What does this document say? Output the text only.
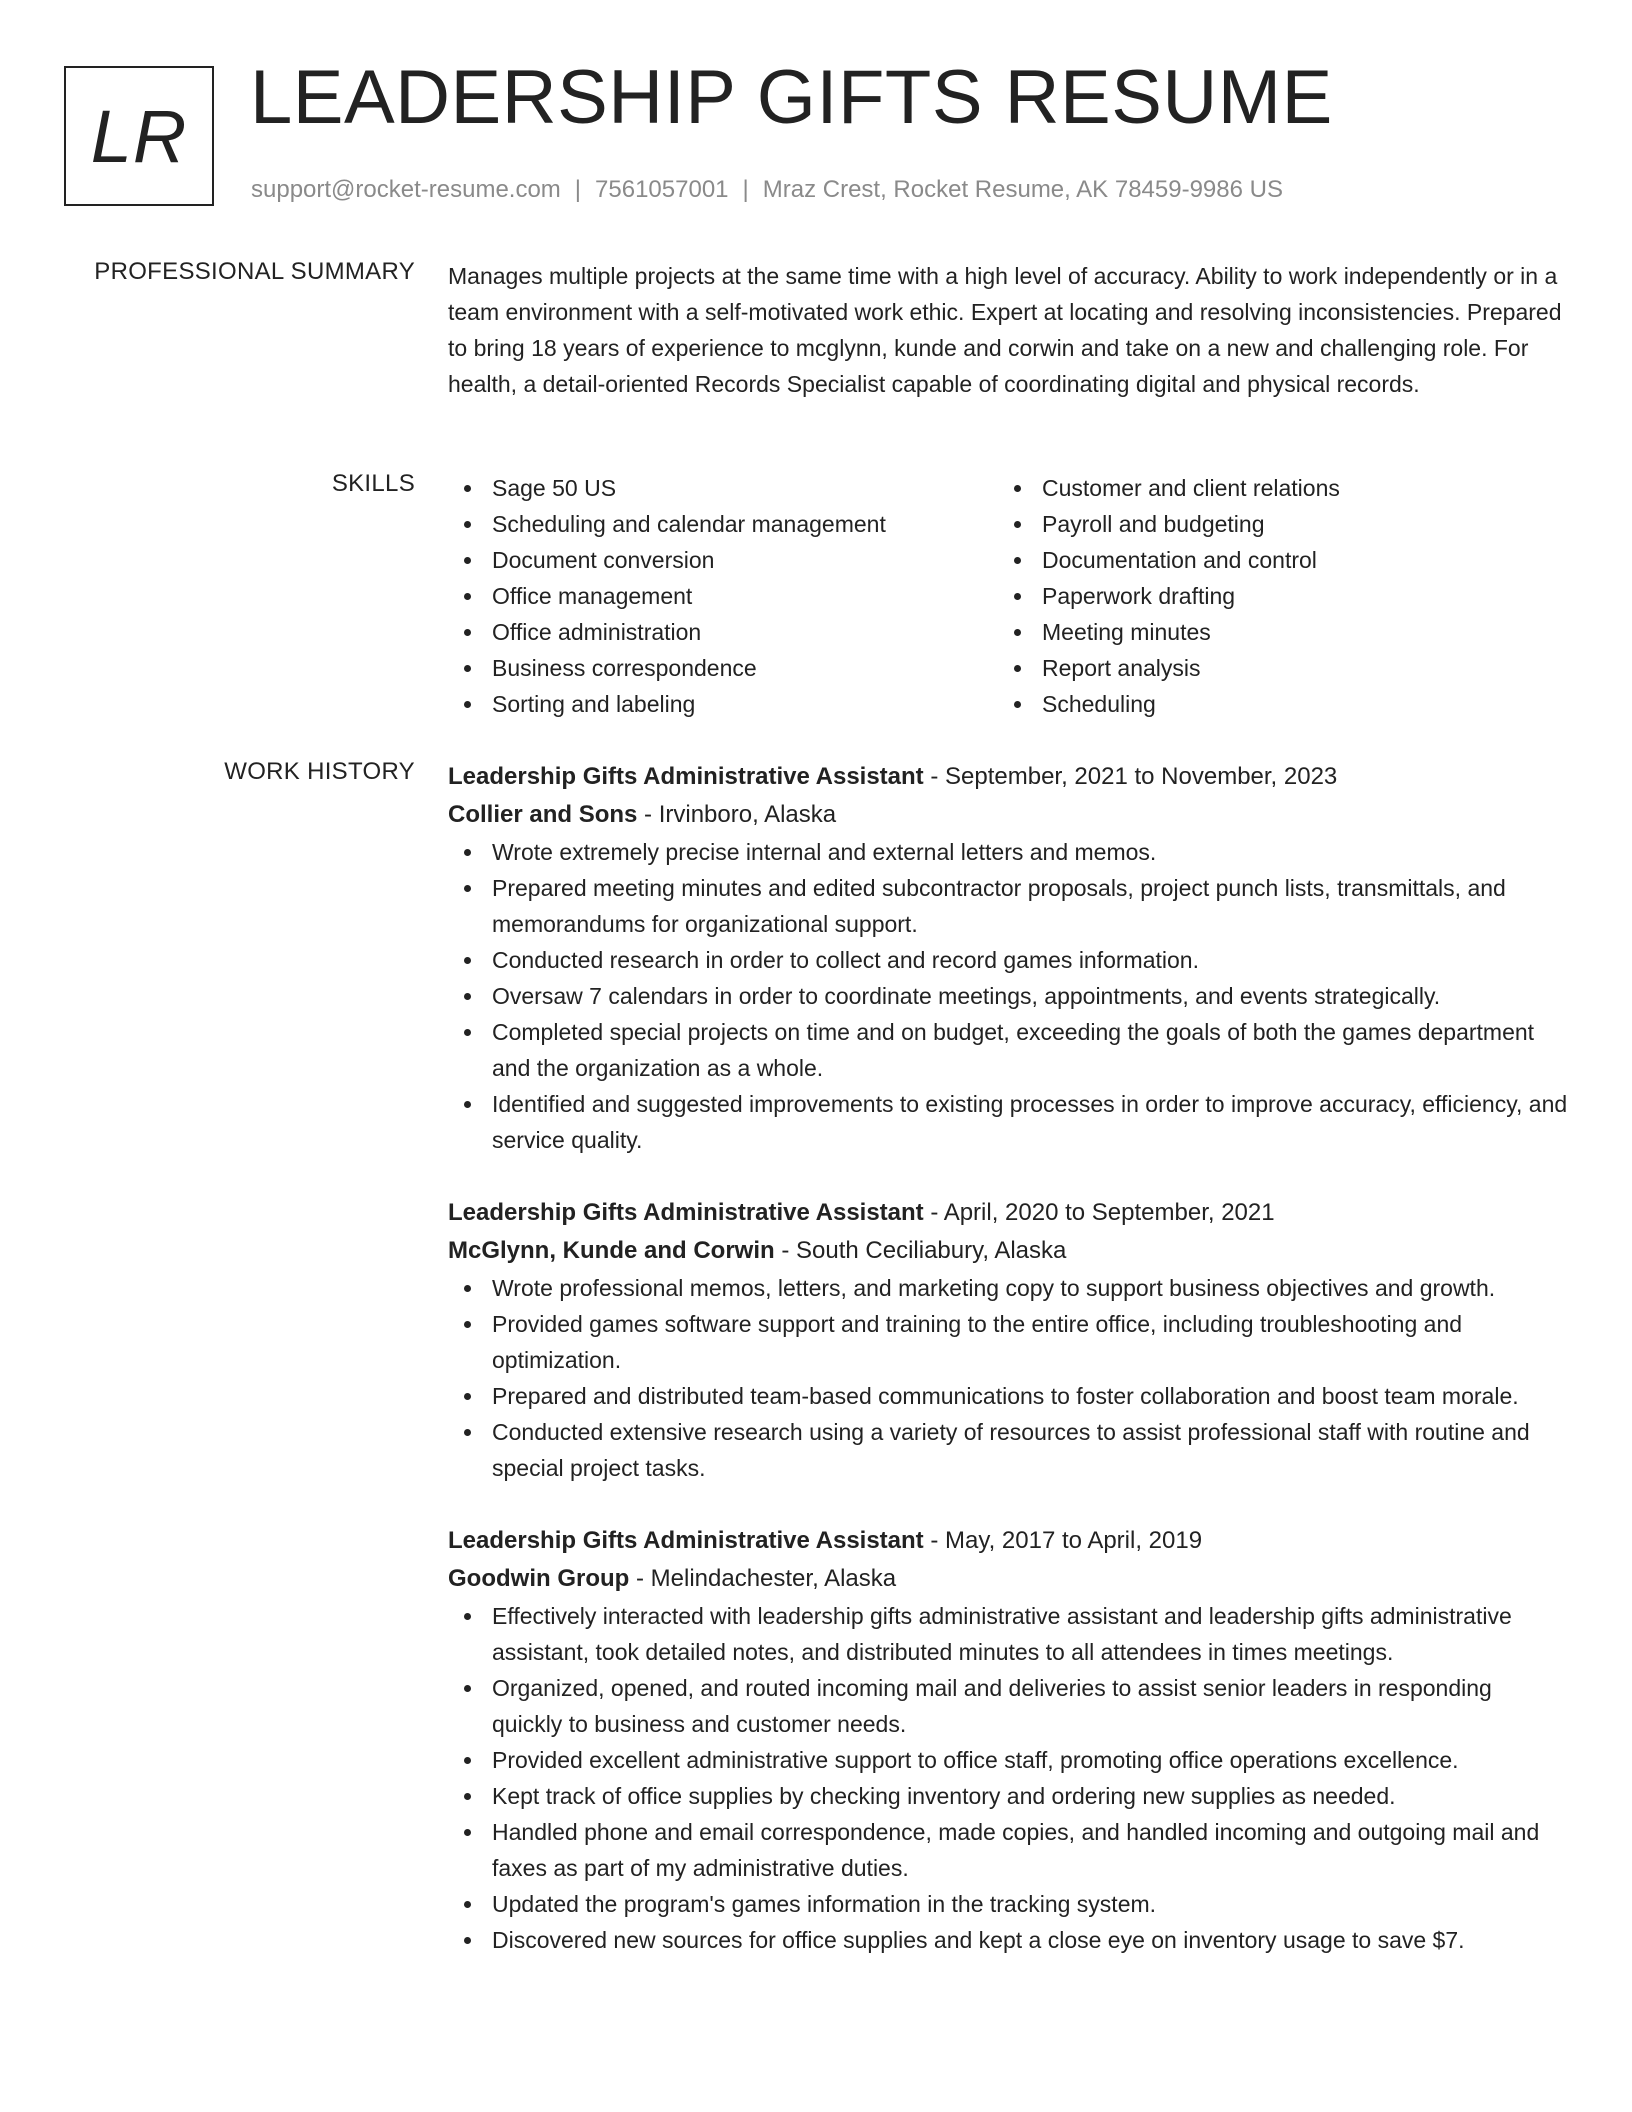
LR LEADERSHIP GIFTS RESUME
support@rocket-resume.com | 7561057001 | Mraz Crest, Rocket Resume, AK 78459-9986 US
PROFESSIONAL SUMMARY Manages multiple projects at the same time with a high level of accuracy. Ability to work independently or in a team environment with a self-motivated work ethic. Expert at locating and resolving inconsistencies. Prepared to bring 18 years of experience to mcglynn, kunde and corwin and take on a new and challenging role. For health, a detail-oriented Records Specialist capable of coordinating digital and physical records.

SKILLS	Sage 50 US
Scheduling and calendar management
Document conversion
Office management
Office administration
Business correspondence
Sorting and labeling
Customer and client relations
Payroll and budgeting
Documentation and control
Paperwork drafting
Meeting minutes
Report analysis
Scheduling
WORK HISTORY Leadership Gifts Administrative Assistant - September, 2021 to November, 2023
Collier and Sons - Irvinboro, Alaska
Wrote extremely precise internal and external letters and memos.
Prepared meeting minutes and edited subcontractor proposals, project punch lists, transmittals, and memorandums for organizational support.
Conducted research in order to collect and record games information.
Oversaw 7 calendars in order to coordinate meetings, appointments, and events strategically.
Completed special projects on time and on budget, exceeding the goals of both the games department and the organization as a whole.
Identified and suggested improvements to existing processes in order to improve accuracy, efficiency, and service quality.
Leadership Gifts Administrative Assistant - April, 2020 to September, 2021
McGlynn, Kunde and Corwin - South Ceciliabury, Alaska
Wrote professional memos, letters, and marketing copy to support business objectives and growth.
Provided games software support and training to the entire office, including troubleshooting and optimization.
Prepared and distributed team-based communications to foster collaboration and boost team morale.
Conducted extensive research using a variety of resources to assist professional staff with routine and special project tasks.
Leadership Gifts Administrative Assistant - May, 2017 to April, 2019
Goodwin Group - Melindachester, Alaska
Effectively interacted with leadership gifts administrative assistant and leadership gifts administrative assistant, took detailed notes, and distributed minutes to all attendees in times meetings.
Organized, opened, and routed incoming mail and deliveries to assist senior leaders in responding quickly to business and customer needs.
Provided excellent administrative support to office staff, promoting office operations excellence.
Kept track of office supplies by checking inventory and ordering new supplies as needed.
Handled phone and email correspondence, made copies, and handled incoming and outgoing mail and faxes as part of my administrative duties.
Updated the program's games information in the tracking system.
Discovered new sources for office supplies and kept a close eye on inventory usage to save $7.
